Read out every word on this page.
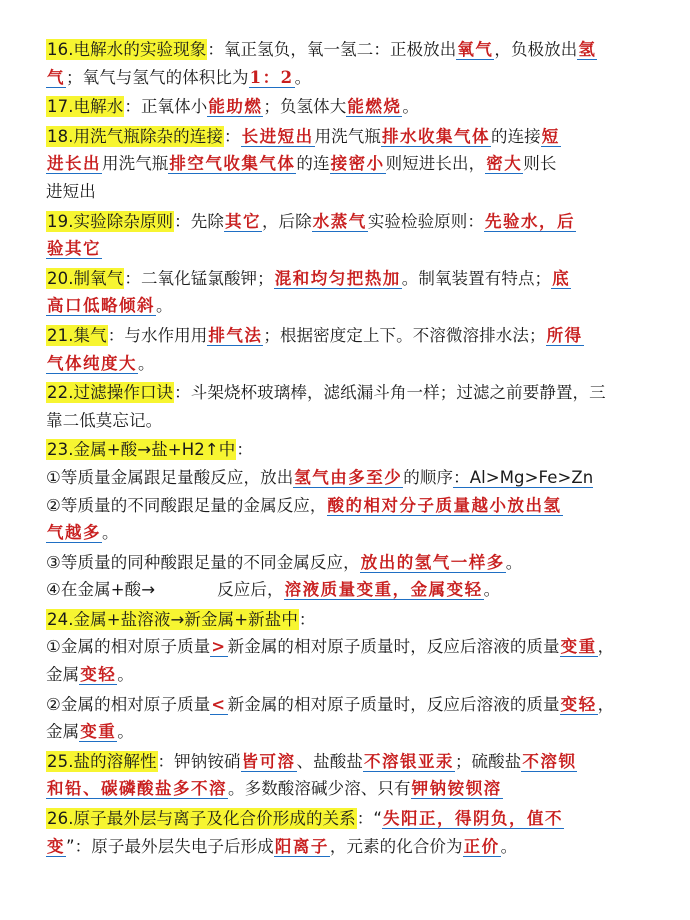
16.电解水的实验现象：氧正氢负，氧一氢二：正极放出氧气，负极放出氢
气；氧气与氢气的体积比为1：2。
17.电解水：正氧体小能助燃；负氢体大能燃烧。
18.用洗气瓶除杂的连接：长进短出用洗气瓶排水收集气体的连接短
进长出用洗气瓶排空气收集气体的连接密小则短进长出，密大则长
进短出
19.实验除杂原则：先除其它，后除水蒸气实验检验原则：先验水，后
验其它
20.制氧气：二氧化锰氯酸钾；混和均匀把热加。制氧装置有特点；底
高口低略倾斜。
21.集气：与水作用用排气法；根据密度定上下。不溶微溶排水法；所得
气体纯度大。
22.过滤操作口诀：斗架烧杯玻璃棒，滤纸漏斗角一样；过滤之前要静置，三
靠二低莫忘记。
23.金属+酸→盐+H2↑中：
①等质量金属跟足量酸反应，放出氢气由多至少的顺序：Al>Mg>Fe>Zn
②等质量的不同酸跟足量的金属反应，酸的相对分子质量越小放出氢
气越多。
③等质量的同种酸跟足量的不同金属反应，放出的氢气一样多。
④在金属+酸→	反应后，溶液质量变重，金属变轻。
24.金属+盐溶液→新金属+新盐中：
①金属的相对原子质量>新金属的相对原子质量时，反应后溶液的质量变重，
金属变轻。
②金属的相对原子质量<新金属的相对原子质量时，反应后溶液的质量变轻，
金属变重。
25.盐的溶解性：钾钠铵硝皆可溶、盐酸盐不溶银亚汞；硫酸盐不溶钡
和铅、碳磷酸盐多不溶。多数酸溶碱少溶、只有钾钠铵钡溶
26.原子最外层与离子及化合价形成的关系：“失阳正，得阴负，值不
变”：原子最外层失电子后形成阳离子，元素的化合价为正价。
